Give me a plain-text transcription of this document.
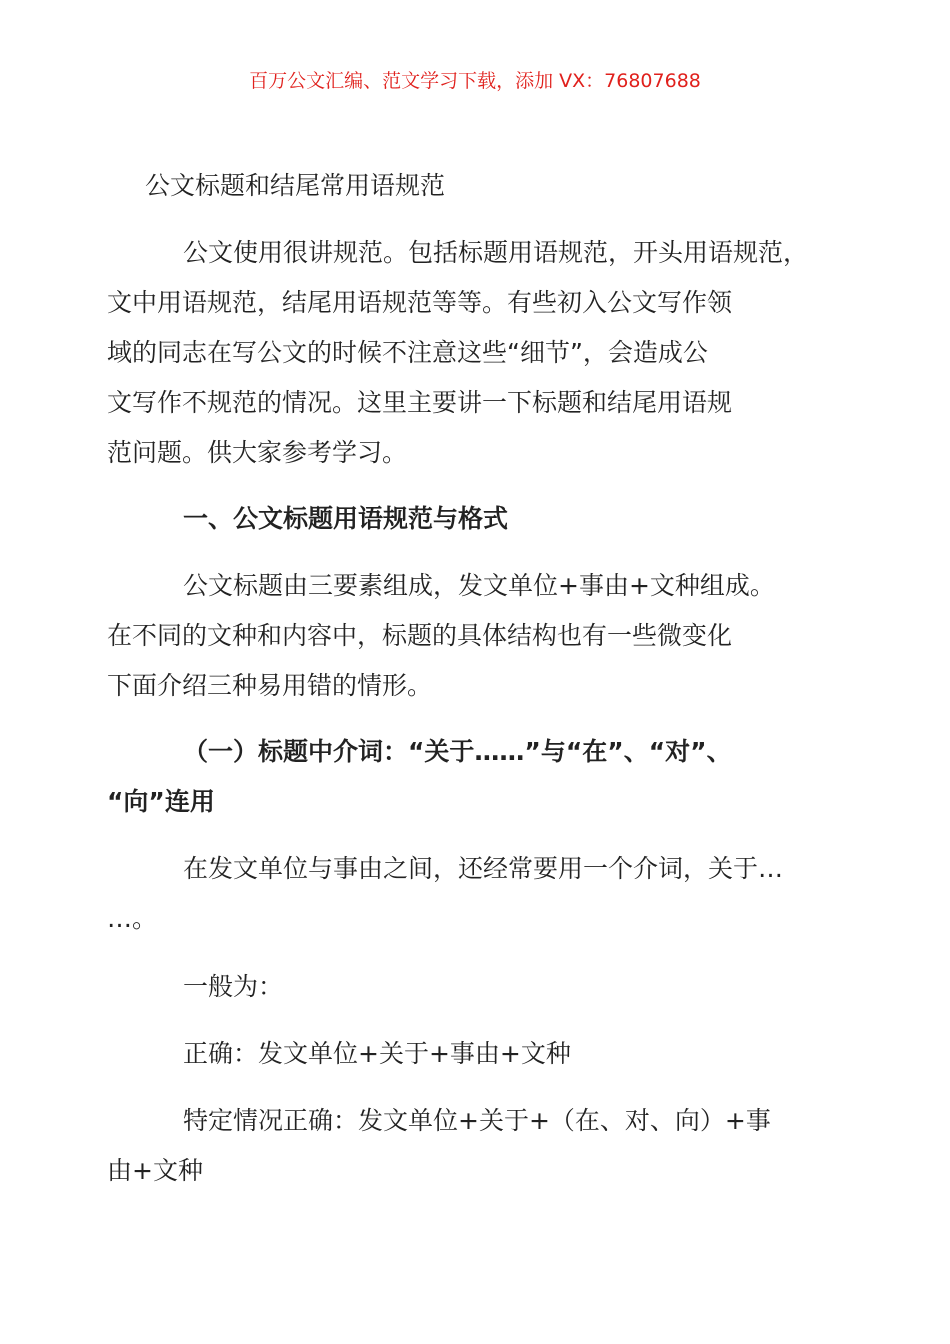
百万公文汇编、范文学习下载，添加 VX：76807688
公文标题和结尾常用语规范
公文使用很讲规范。包括标题用语规范，开头用语规范，
文中用语规范，结尾用语规范等等。有些初入公文写作领
域的同志在写公文的时候不注意这些“细节”，会造成公
文写作不规范的情况。这里主要讲一下标题和结尾用语规
范问题。供大家参考学习。
一、公文标题用语规范与格式
公文标题由三要素组成，发文单位+事由+文种组成。
在不同的文种和内容中，标题的具体结构也有一些微变化
下面介绍三种易用错的情形。
（一）标题中介词：“关于……”与“在”、“对”、
“向”连用
在发文单位与事由之间，还经常要用一个介词，关于…
…。
一般为：
正确：发文单位+关于+事由+文种
特定情况正确：发文单位+关于+（在、对、向）+事
由+文种
